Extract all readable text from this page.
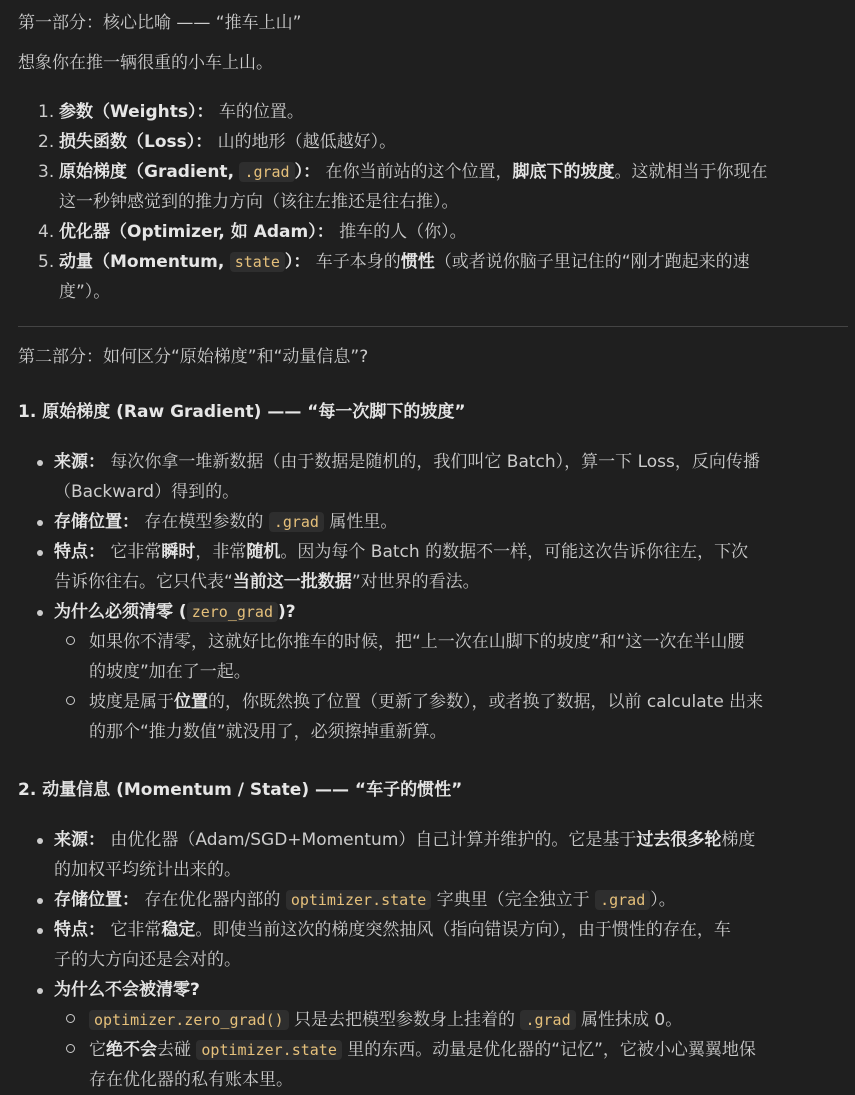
第一部分：核心比喻 —— “推车上山”
想象你在推一辆很重的小车上山。
1. 参数（Weights）： 车的位置。
2. 损失函数（Loss）： 山的地形（越低越好）。
3. 原始梯度（Gradient, .grad ）： 在你当前站的这个位置，脚底下的坡度。这就相当于你现在
这一秒钟感觉到的推力方向（该往左推还是往右推）。
4. 优化器（Optimizer, 如 Adam）： 推车的人（你）。
5. 动量（Momentum, state ）： 车子本身的惯性（或者说你脑子里记住的“刚才跑起来的速
度”）。
第二部分：如何区分“原始梯度”和“动量信息”?
1. 原始梯度 (Raw Gradient) —— “每一次脚下的坡度”
来源： 每次你拿一堆新数据（由于数据是随机的，我们叫它 Batch），算一下 Loss，反向传播
（Backward）得到的。
存储位置： 存在模型参数的 .grad 属性里。
特点： 它非常瞬时，非常随机。因为每个 Batch 的数据不一样，可能这次告诉你往左，下次
告诉你往右。它只代表“当前这一批数据”对世界的看法。
为什么必须清零 ( zero_grad )?
如果你不清零，这就好比你推车的时候，把“上一次在山脚下的坡度”和“这一次在半山腰
的坡度”加在了一起。
坡度是属于位置的，你既然换了位置（更新了参数），或者换了数据，以前 calculate 出来
的那个“推力数值”就没用了，必须擦掉重新算。
2. 动量信息 (Momentum / State) —— “车子的惯性”
来源： 由优化器（Adam/SGD+Momentum）自己计算并维护的。它是基于过去很多轮梯度
的加权平均统计出来的。
存储位置： 存在优化器内部的 optimizer.state 字典里（完全独立于 .grad ）。
特点： 它非常稳定。即使当前这次的梯度突然抽风（指向错误方向），由于惯性的存在，车
子的大方向还是会对的。
为什么不会被清零?
optimizer.zero_grad() 只是去把模型参数身上挂着的 .grad 属性抹成 0。
它绝不会去碰 optimizer.state 里的东西。动量是优化器的“记忆”，它被小心翼翼地保
存在优化器的私有账本里。
